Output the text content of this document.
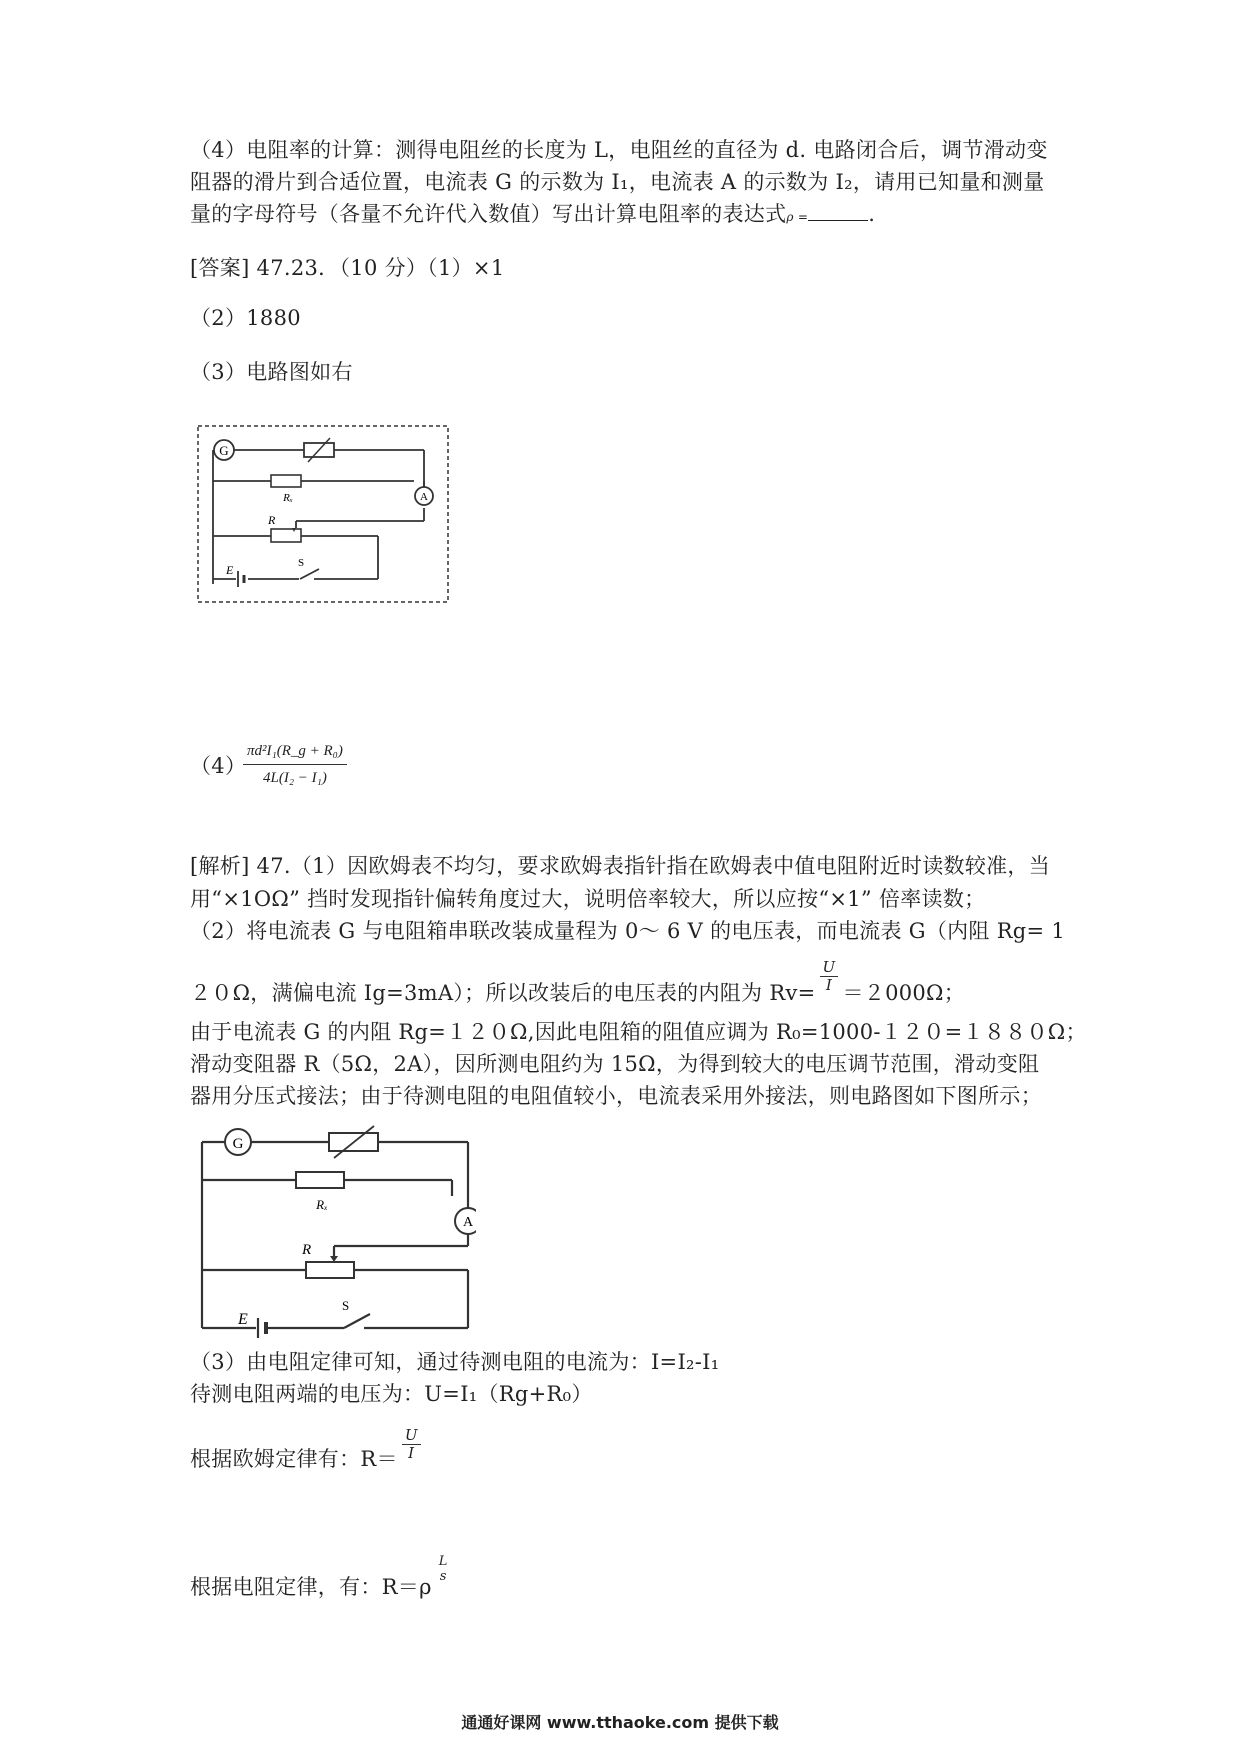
（4）电阻率的计算：测得电阻丝的长度为 L，电阻丝的直径为 d. 电路闭合后，调节滑动变
阻器的滑片到合适位置，电流表 G 的示数为 I₁，电流表 A 的示数为 I₂，请用已知量和测量
量的字母符号（各量不允许代入数值）写出计算电阻率的表达式ρ =	.
[答案] 47.23．（10 分）（1）×1
（2）1880
（3）电路图如右
G
Rₓ	A
R
E	S
（4）
$\frac{\text{πd²I₁(R\_g + R₀)}}{\text{4L(I₂ − I₁)}}$
[解析] 47.（1）因欧姆表不均匀，要求欧姆表指针指在欧姆表中值电阻附近时读数较准，当
用“×1OΩ” 挡时发现指针偏转角度过大，说明倍率较大，所以应按“×1” 倍率读数；
（2）将电流表 G 与电阻箱串联改装成量程为 0～ 6 V 的电压表，而电流表 G（内阻 Rg= 1
２０Ω，满偏电流 Ig=3mA）；所以改装后的电压表的内阻为 $Rv= \frac{U}{I} =2000\Omega$；
由于电流表 G 的内阻 Rg=１２０Ω,因此电阻箱的阻值应调为 R₀=1000-１２０=１８８０Ω；
滑动变阻器 R（5Ω，2A），因所测电阻约为 15Ω，为得到较大的电压调节范围，滑动变阻
器用分压式接法；由于待测电阻的电阻值较小，电流表采用外接法，则电路图如下图所示；
G
Rₓ
A
R
E
S
（3）由电阻定律可知，通过待测电阻的电流为：I=I₂-I₁
待测电阻两端的电压为：U=I₁（Rg+R₀）
根据欧姆定律有：$R= \frac{U}{I}$
根据电阻定律，有：R＝ρ
L
s
通通好课网 www.tthaoke.com 提供下载
